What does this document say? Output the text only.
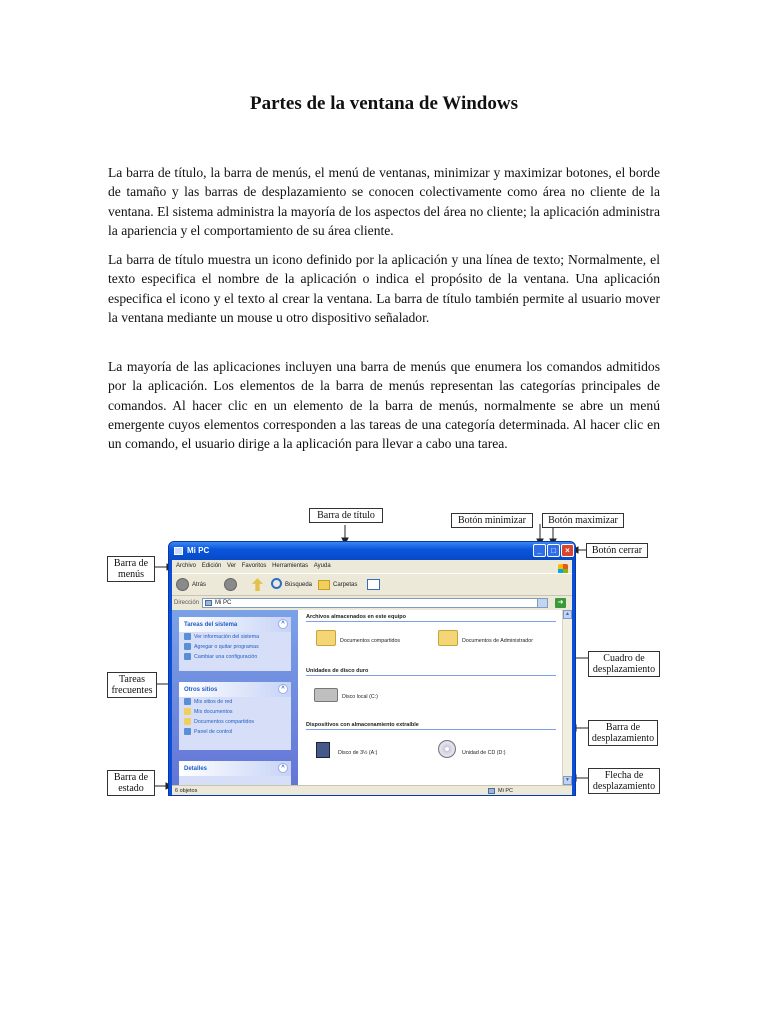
Partes de la ventana de Windows

La barra de título, la barra de menús, el menú de ventanas, minimizar y maximizar botones, el borde de tamaño y las barras de desplazamiento se conocen colectivamente como área no cliente de la ventana. El sistema administra la mayoría de los aspectos del área no cliente; la aplicación administra la apariencia y el comportamiento de su área cliente.

La barra de título muestra un icono definido por la aplicación y una línea de texto; Normalmente, el texto especifica el nombre de la aplicación o indica el propósito de la ventana. Una aplicación especifica el icono y el texto al crear la ventana. La barra de título también permite al usuario mover la ventana mediante un mouse u otro dispositivo señalador.

La mayoría de las aplicaciones incluyen una barra de menús que enumera los comandos admitidos por la aplicación. Los elementos de la barra de menús representan las categorías principales de comandos. Al hacer clic en un elemento de la barra de menús, normalmente se abre un menú emergente cuyos elementos corresponden a las tareas de una categoría determinada. Al hacer clic en un comando, el usuario dirige a la aplicación para llevar a cabo una tarea.

Mi PC	_	□	×
Archivo Edición Ver Favoritos Herramientas Ayuda
Atrás	Búsqueda	Carpetas
Dirección	Mi PC	➜
Tareas del sistema	^
Ver información del sistema
Agregar o quitar programas
Cambiar una configuración
Otros sitios	^
Mis sitios de red
Mis documentos
Documentos compartidos
Panel de control
Detalles	^
Archivos almacenados en este equipo
Documentos compartidos	Documentos de Administrador
Unidades de disco duro
Disco local (C:)
Dispositivos con almacenamiento extraíble
Disco de 3½ (A:)	Unidad de CD (D:)
▲
▼
6 objetos	Mi PC
Barra de título	Botón minimizar	Botón maximizar
Botón cerrar
Barra de menús
Tareas frecuentes
Barra de estado
Cuadro de desplazamiento
Barra de desplazamiento
Flecha de desplazamiento
